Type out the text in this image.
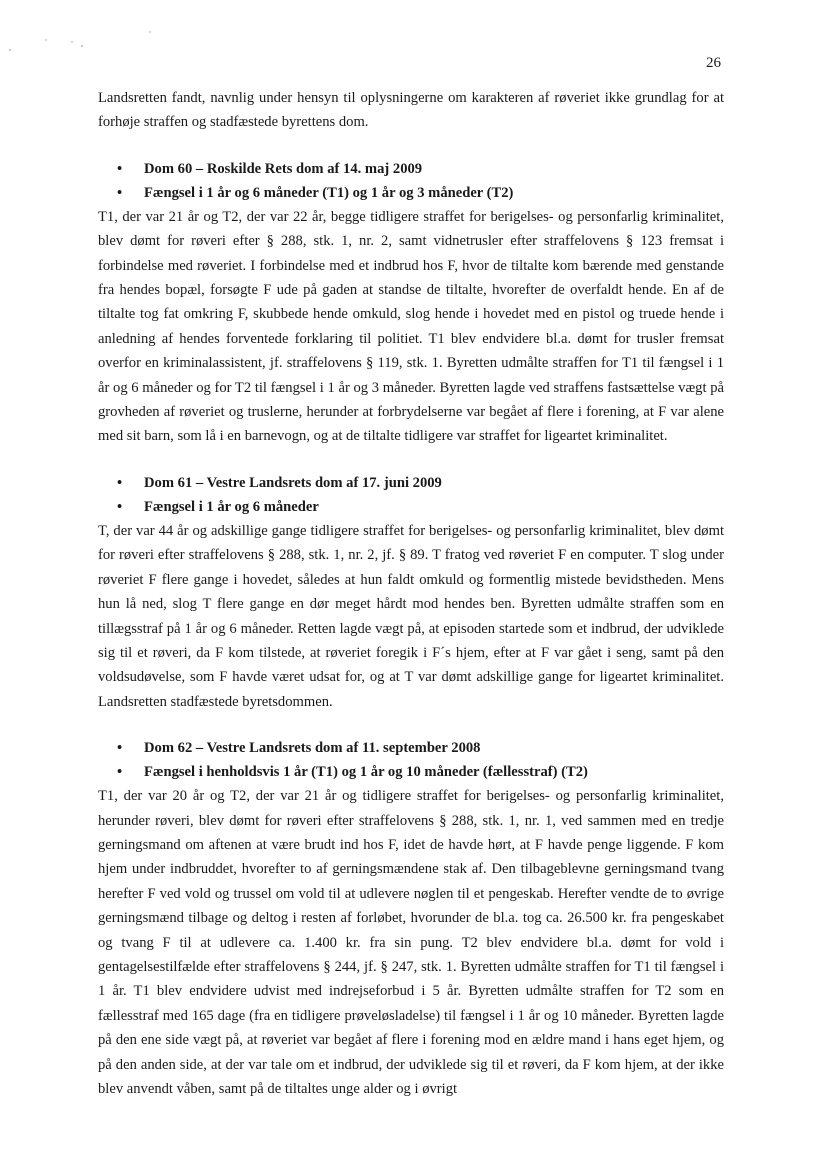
26

Landsretten fandt, navnlig under hensyn til oplysningerne om karakteren af røveriet ikke grundlag for at forhøje straffen og stadfæstede byrettens dom.

• Dom 60 – Roskilde Rets dom af 14. maj 2009
• Fængsel i 1 år og 6 måneder (T1) og 1 år og 3 måneder (T2)

T1, der var 21 år og T2, der var 22 år, begge tidligere straffet for berigelses- og personfarlig kriminalitet, blev dømt for røveri efter § 288, stk. 1, nr. 2, samt vidnetrusler efter straffelovens § 123 fremsat i forbindelse med røveriet. I forbindelse med et indbrud hos F, hvor de tiltalte kom bærende med genstande fra hendes bopæl, forsøgte F ude på gaden at standse de tiltalte, hvorefter de overfaldt hende. En af de tiltalte tog fat omkring F, skubbede hende omkuld, slog hende i hovedet med en pistol og truede hende i anledning af hendes forventede forklaring til politiet. T1 blev endvidere bl.a. dømt for trusler fremsat overfor en kriminalassistent, jf. straffelovens § 119, stk. 1. Byretten udmålte straffen for T1 til fængsel i 1 år og 6 måneder og for T2 til fængsel i 1 år og 3 måneder. Byretten lagde ved straffens fastsættelse vægt på grovheden af røveriet og truslerne, herunder at forbrydelserne var begået af flere i forening, at F var alene med sit barn, som lå i en barnevogn, og at de tiltalte tidligere var straffet for ligeartet kriminalitet.

• Dom 61 – Vestre Landsrets dom af 17. juni 2009
• Fængsel i 1 år og 6 måneder

T, der var 44 år og adskillige gange tidligere straffet for berigelses- og personfarlig kriminalitet, blev dømt for røveri efter straffelovens § 288, stk. 1, nr. 2, jf. § 89. T fratog ved røveriet F en computer. T slog under røveriet F flere gange i hovedet, således at hun faldt omkuld og formentlig mistede bevidstheden. Mens hun lå ned, slog T flere gange en dør meget hårdt mod hendes ben. Byretten udmålte straffen som en tillægsstraf på 1 år og 6 måneder. Retten lagde vægt på, at episoden startede som et indbrud, der udviklede sig til et røveri, da F kom tilstede, at røveriet foregik i F´s hjem, efter at F var gået i seng, samt på den voldsudøvelse, som F havde været udsat for, og at T var dømt adskillige gange for ligeartet kriminalitet. Landsretten stadfæstede byretsdommen.

• Dom 62 – Vestre Landsrets dom af 11. september 2008
• Fængsel i henholdsvis 1 år (T1) og 1 år og 10 måneder (fællesstraf) (T2)

T1, der var 20 år og T2, der var 21 år og tidligere straffet for berigelses- og personfarlig kriminalitet, herunder røveri, blev dømt for røveri efter straffelovens § 288, stk. 1, nr. 1, ved sammen med en tredje gerningsmand om aftenen at være brudt ind hos F, idet de havde hørt, at F havde penge liggende. F kom hjem under indbruddet, hvorefter to af gerningsmændene stak af. Den tilbageblevne gerningsmand tvang herefter F ved vold og trussel om vold til at udlevere nøglen til et pengeskab. Herefter vendte de to øvrige gerningsmænd tilbage og deltog i resten af forløbet, hvorunder de bl.a. tog ca. 26.500 kr. fra pengeskabet og tvang F til at udlevere ca. 1.400 kr. fra sin pung. T2 blev endvidere bl.a. dømt for vold i gentagelsestilfælde efter straffelovens § 244, jf. § 247, stk. 1. Byretten udmålte straffen for T1 til fængsel i 1 år. T1 blev endvidere udvist med indrejseforbud i 5 år. Byretten udmålte straffen for T2 som en fællesstraf med 165 dage (fra en tidligere prøveløsladelse) til fængsel i 1 år og 10 måneder. Byretten lagde på den ene side vægt på, at røveriet var begået af flere i forening mod en ældre mand i hans eget hjem, og på den anden side, at der var tale om et indbrud, der udviklede sig til et røveri, da F kom hjem, at der ikke blev anvendt våben, samt på de tiltaltes unge alder og i øvrigt
